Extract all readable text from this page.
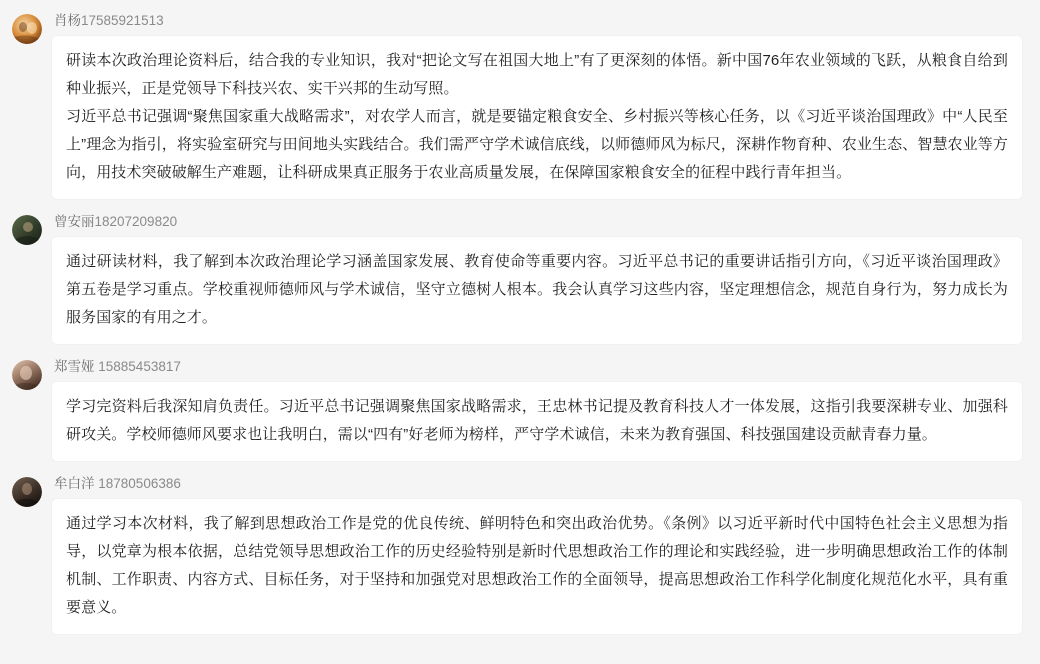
肖杨17585921513

研读本次政治理论资料后，结合我的专业知识，我对“把论文写在祖国大地上”有了更深刻的体悟。新中国76年农业领域的飞跃，从粮食自给到种业振兴，正是党领导下科技兴农、实干兴邦的生动写照。

习近平总书记强调“聚焦国家重大战略需求”，对农学人而言，就是要锚定粮食安全、乡村振兴等核心任务，以《习近平谈治国理政》中“人民至上”理念为指引，将实验室研究与田间地头实践结合。我们需严守学术诚信底线，以师德师风为标尺，深耕作物育种、农业生态、智慧农业等方向，用技术突破破解生产难题，让科研成果真正服务于农业高质量发展，在保障国家粮食安全的征程中践行青年担当。

曾安丽18207209820

通过研读材料，我了解到本次政治理论学习涵盖国家发展、教育使命等重要内容。习近平总书记的重要讲话指引方向，《习近平谈治国理政》第五卷是学习重点。学校重视师德师风与学术诚信，坚守立德树人根本。我会认真学习这些内容，坚定理想信念，规范自身行为，努力成长为服务国家的有用之才。

郑雪娅 15885453817

学习完资料后我深知肩负责任。习近平总书记强调聚焦国家战略需求，王忠林书记提及教育科技人才一体发展，这指引我要深耕专业、加强科研攻关。学校师德师风要求也让我明白，需以“四有”好老师为榜样，严守学术诚信，未来为教育强国、科技强国建设贡献青春力量。

牟白洋 18780506386

通过学习本次材料，我了解到思想政治工作是党的优良传统、鲜明特色和突出政治优势。《条例》以习近平新时代中国特色社会主义思想为指导，以党章为根本依据，总结党领导思想政治工作的历史经验特别是新时代思想政治工作的理论和实践经验，进一步明确思想政治工作的体制机制、工作职责、内容方式、目标任务，对于坚持和加强党对思想政治工作的全面领导，提高思想政治工作科学化制度化规范化水平，具有重要意义。
